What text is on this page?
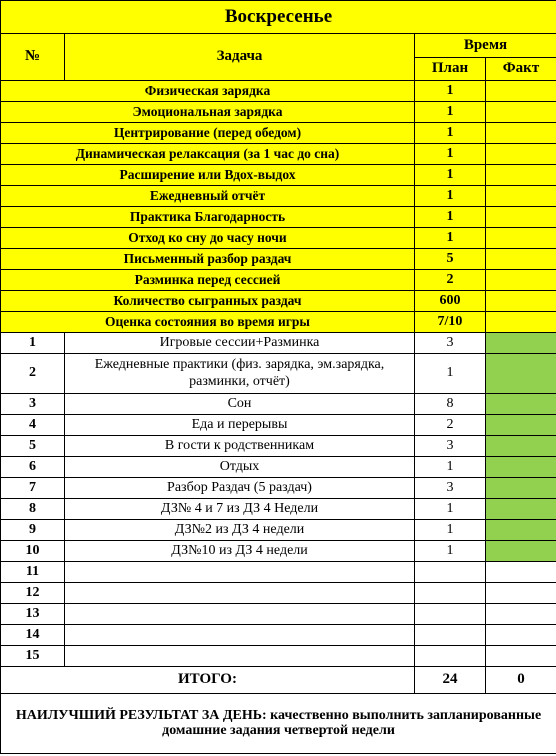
Воскресенье			
№	Задача	Время	
		План	Факт
Физическая зарядка		1	
Эмоциональная зарядка		1	
Центрирование (перед обедом)		1	
Динамическая релаксация (за 1 час до сна)		1	
Расширение или Вдох-выдох		1	
Ежедневный отчёт		1	
Практика Благодарность		1	
Отход ко сну до часу ночи		1	
Письменный разбор раздач		5	
Разминка перед сессией		2	
Количество сыгранных раздач		600	
Оценка состояния во время игры		7/10	
1	Игровые сессии+Разминка	3	
2	Ежедневные практики (физ. зарядка, эм.зарядка, разминки, отчёт)	1	
3	Сон	8	
4	Еда и перерывы	2	
5	В гости к родственникам	3	
6	Отдых	1	
7	Разбор Раздач (5 раздач)	3	
8	ДЗ№ 4 и 7 из ДЗ 4 Недели	1	
9	ДЗ№2 из ДЗ 4 недели	1	
10	ДЗ№10 из ДЗ 4 недели	1	
11			
12			
13			
14			
15			
ИТОГО:		24	0
НАИЛУЧШИЙ РЕЗУЛЬТАТ ЗА ДЕНЬ: качественно выполнить запланированные домашние задания четвертой недели			
